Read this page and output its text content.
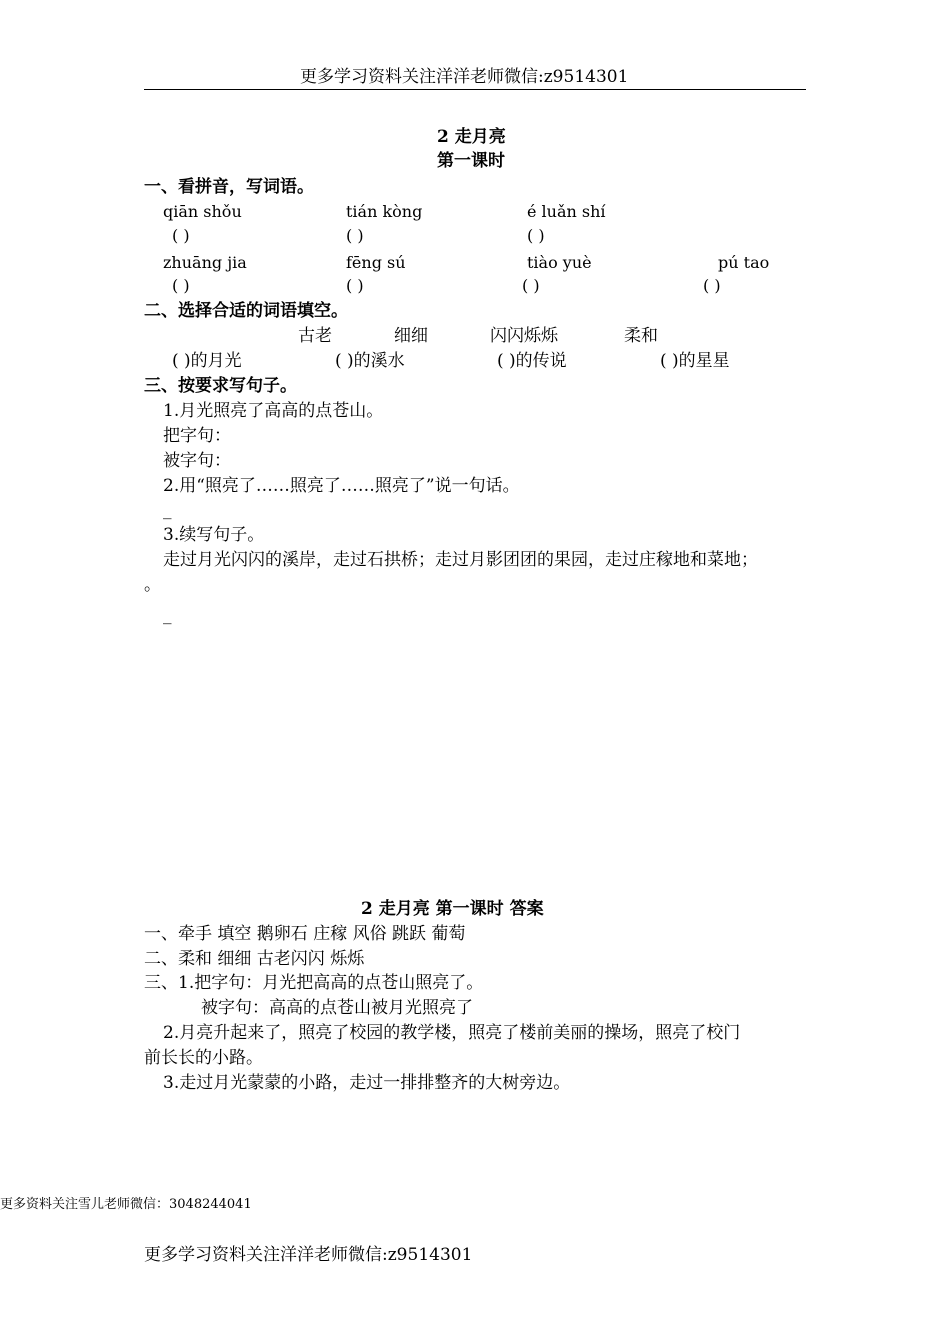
更多学习资料关注洋洋老师微信:z9514301
2 走月亮
第一课时
一、看拼音，写词语。
qiān shǒu	tián kòng	é luǎn shí
( )	( )	( )
zhuāng jia	fēng sú	tiào yuè	pú tao
( )	( )	( )	( )
二、选择合适的词语填空。
古老	细细	闪闪烁烁	柔和
( )的月光	( )的溪水	( )的传说	( )的星星
三、按要求写句子。
1.月光照亮了高高的点苍山。
把字句：
被字句：
2.用“照亮了……照亮了……照亮了”说一句话。
_
3.续写句子。
走过月光闪闪的溪岸，走过石拱桥；走过月影团团的果园，走过庄稼地和菜地；
。
_
2 走月亮 第一课时 答案
一、牵手 填空 鹅卵石 庄稼 风俗 跳跃 葡萄
二、柔和 细细 古老闪闪 烁烁
三、1.把字句：月光把高高的点苍山照亮了。
被字句：高高的点苍山被月光照亮了
2.月亮升起来了，照亮了校园的教学楼，照亮了楼前美丽的操场，照亮了校门
前长长的小路。
3.走过月光蒙蒙的小路，走过一排排整齐的大树旁边。
更多资料关注雪儿老师微信：3048244041
更多学习资料关注洋洋老师微信:z9514301
